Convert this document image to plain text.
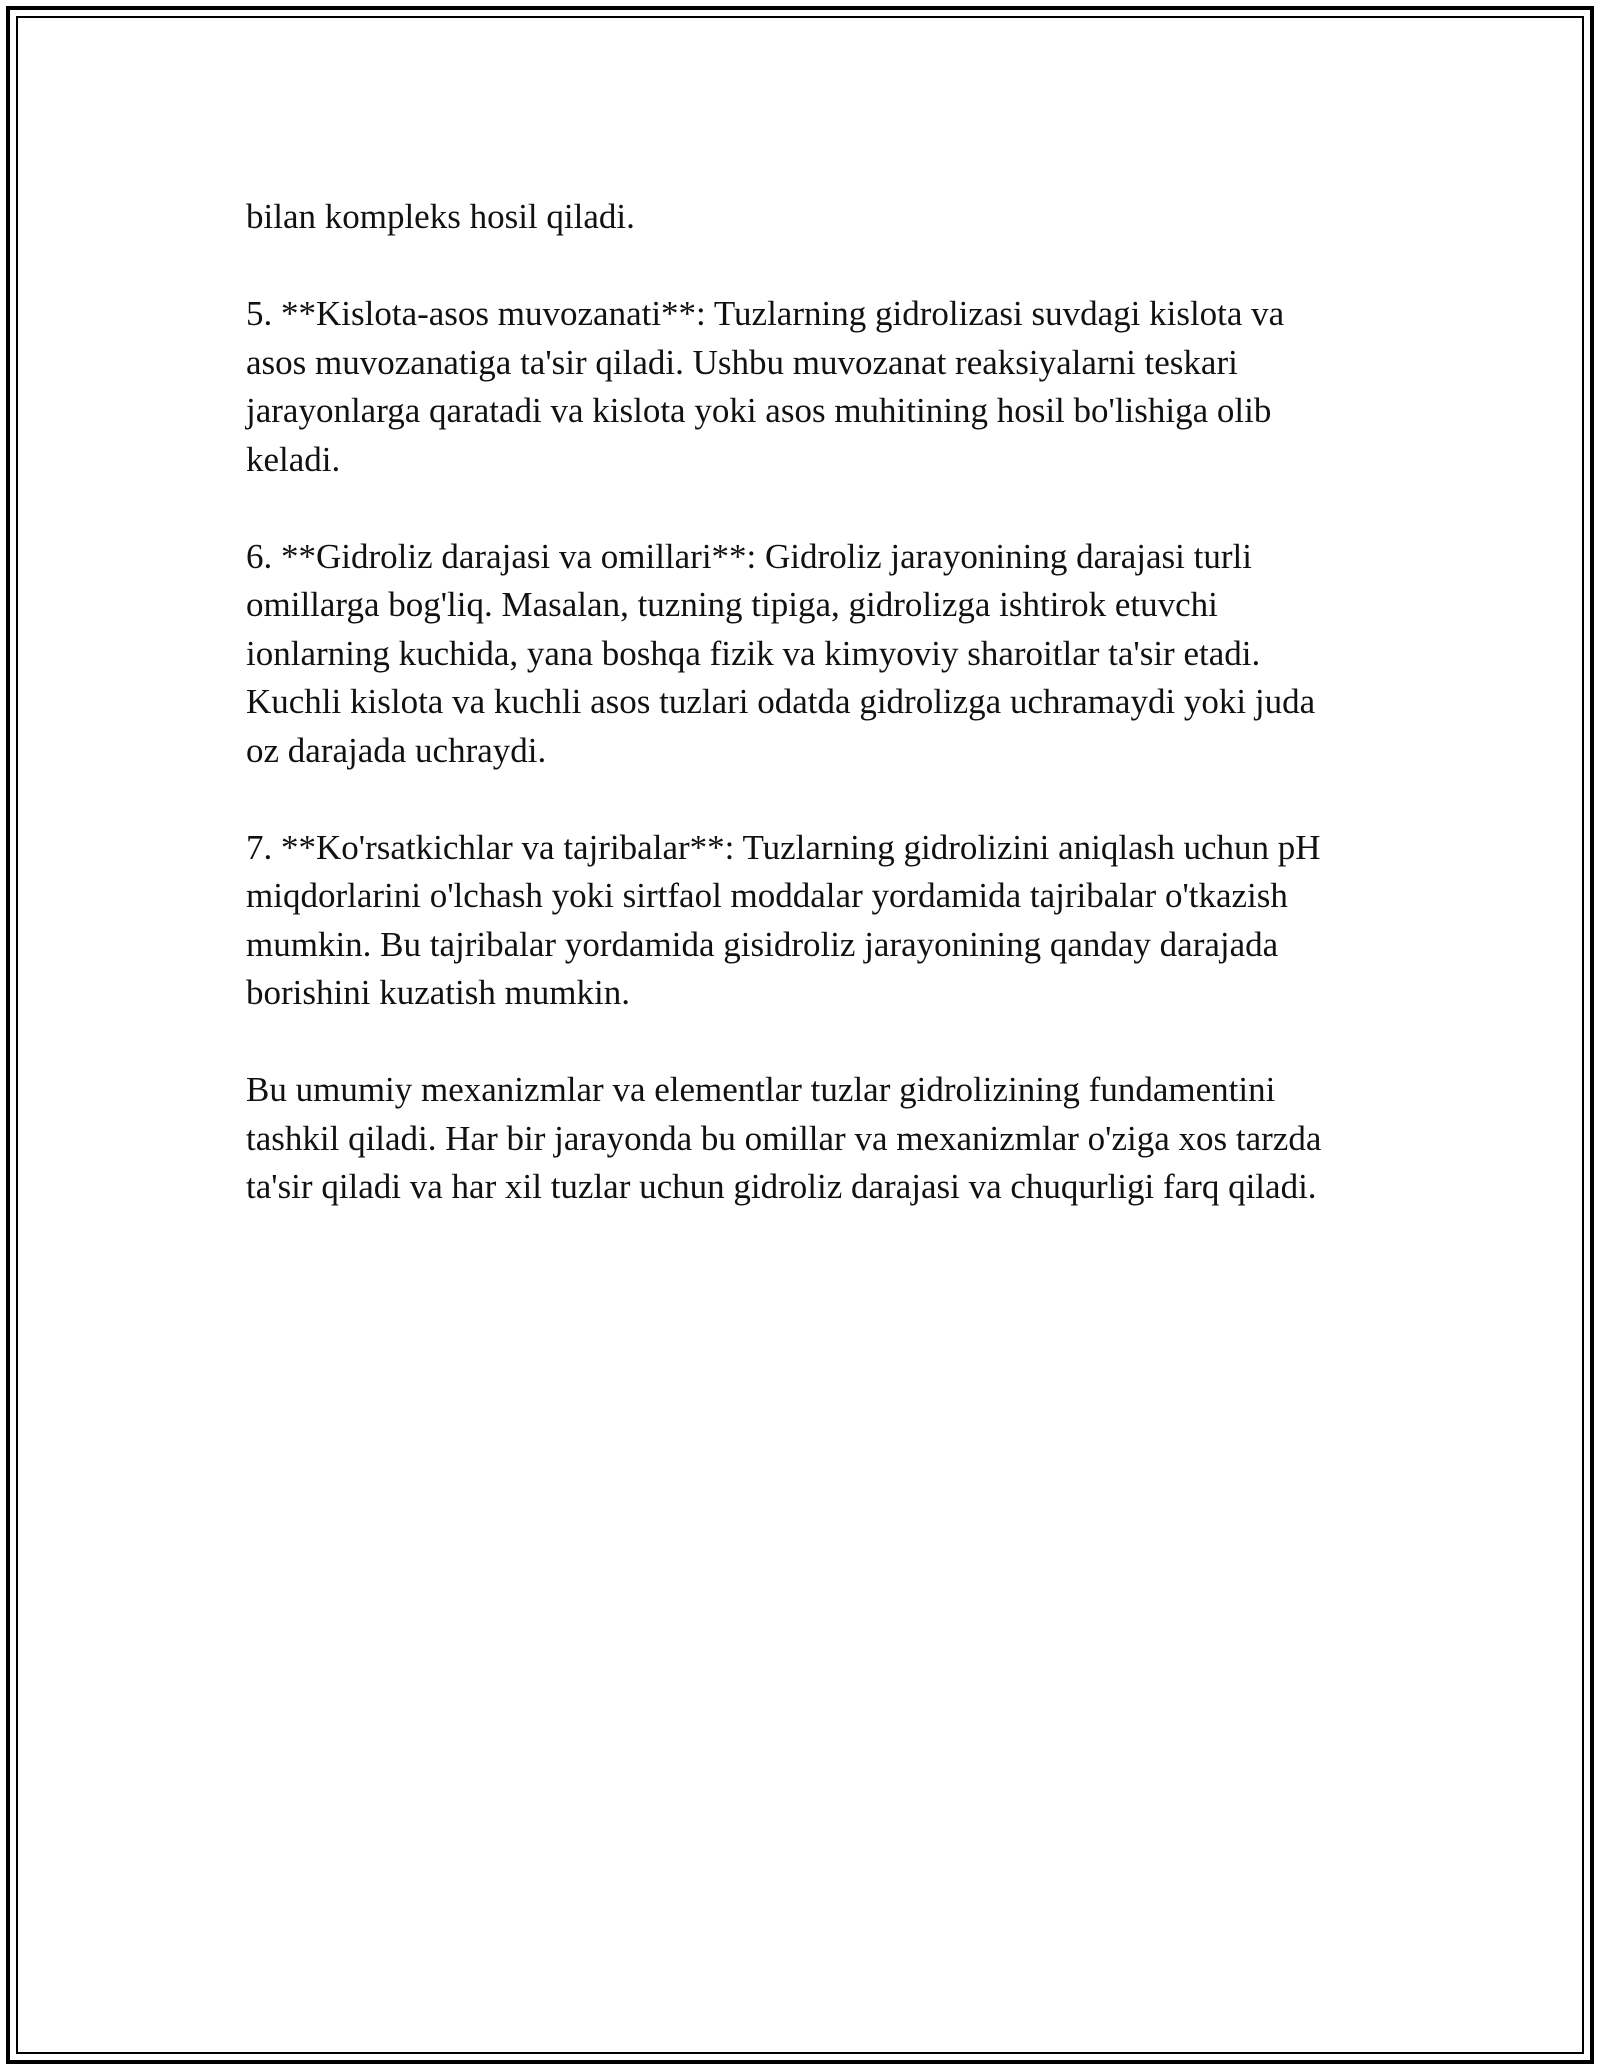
bilan kompleks hosil qiladi.

5. **Kislota-asos muvozanati**: Tuzlarning gidrolizasi suvdagi kislota va
asos muvozanatiga ta'sir qiladi. Ushbu muvozanat reaksiyalarni teskari
jarayonlarga qaratadi va kislota yoki asos muhitining hosil bo'lishiga olib
keladi.

6. **Gidroliz darajasi va omillari**: Gidroliz jarayonining darajasi turli
omillarga bog'liq. Masalan, tuzning tipiga, gidrolizga ishtirok etuvchi
ionlarning kuchida, yana boshqa fizik va kimyoviy sharoitlar ta'sir etadi.
Kuchli kislota va kuchli asos tuzlari odatda gidrolizga uchramaydi yoki juda
oz darajada uchraydi.

7. **Ko'rsatkichlar va tajribalar**: Tuzlarning gidrolizini aniqlash uchun pH
miqdorlarini o'lchash yoki sirtfaol moddalar yordamida tajribalar o'tkazish
mumkin. Bu tajribalar yordamida gisidroliz jarayonining qanday darajada
borishini kuzatish mumkin.

Bu umumiy mexanizmlar va elementlar tuzlar gidrolizining fundamentini
tashkil qiladi. Har bir jarayonda bu omillar va mexanizmlar o'ziga xos tarzda
ta'sir qiladi va har xil tuzlar uchun gidroliz darajasi va chuqurligi farq qiladi.
